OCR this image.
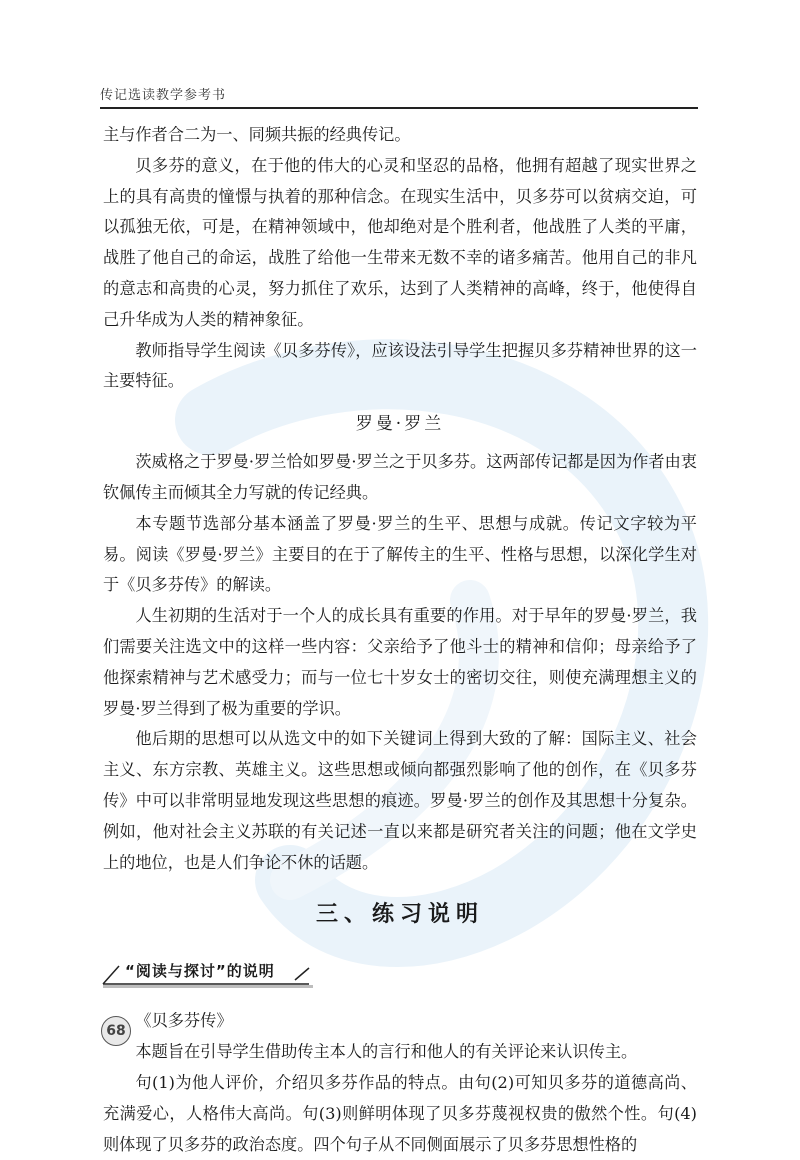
传记选读教学参考书

主与作者合二为一、同频共振的经典传记。

贝多芬的意义，在于他的伟大的心灵和坚忍的品格，他拥有超越了现实世界之上的具有高贵的憧憬与执着的那种信念。在现实生活中，贝多芬可以贫病交迫，可以孤独无依，可是，在精神领域中，他却绝对是个胜利者，他战胜了人类的平庸，战胜了他自己的命运，战胜了给他一生带来无数不幸的诸多痛苦。他用自己的非凡的意志和高贵的心灵，努力抓住了欢乐，达到了人类精神的高峰，终于，他使得自己升华成为人类的精神象征。

教师指导学生阅读《贝多芬传》，应该设法引导学生把握贝多芬精神世界的这一主要特征。

罗曼·罗兰

茨威格之于罗曼·罗兰恰如罗曼·罗兰之于贝多芬。这两部传记都是因为作者由衷钦佩传主而倾其全力写就的传记经典。

本专题节选部分基本涵盖了罗曼·罗兰的生平、思想与成就。传记文字较为平易。阅读《罗曼·罗兰》主要目的在于了解传主的生平、性格与思想，以深化学生对于《贝多芬传》的解读。

人生初期的生活对于一个人的成长具有重要的作用。对于早年的罗曼·罗兰，我们需要关注选文中的这样一些内容：父亲给予了他斗士的精神和信仰；母亲给予了他探索精神与艺术感受力；而与一位七十岁女士的密切交往，则使充满理想主义的罗曼·罗兰得到了极为重要的学识。

他后期的思想可以从选文中的如下关键词上得到大致的了解：国际主义、社会主义、东方宗教、英雄主义。这些思想或倾向都强烈影响了他的创作，在《贝多芬传》中可以非常明显地发现这些思想的痕迹。罗曼·罗兰的创作及其思想十分复杂。例如，他对社会主义苏联的有关记述一直以来都是研究者关注的问题；他在文学史上的地位，也是人们争论不休的话题。

三、练习说明
“阅读与探讨”的说明

《贝多芬传》

本题旨在引导学生借助传主本人的言行和他人的有关评论来认识传主。

句(1)为他人评价，介绍贝多芬作品的特点。由句(2)可知贝多芬的道德高尚、充满爱心，人格伟大高尚。句(3)则鲜明体现了贝多芬蔑视权贵的傲然个性。句(4)则体现了贝多芬的政治态度。四个句子从不同侧面展示了贝多芬思想性格的

68
